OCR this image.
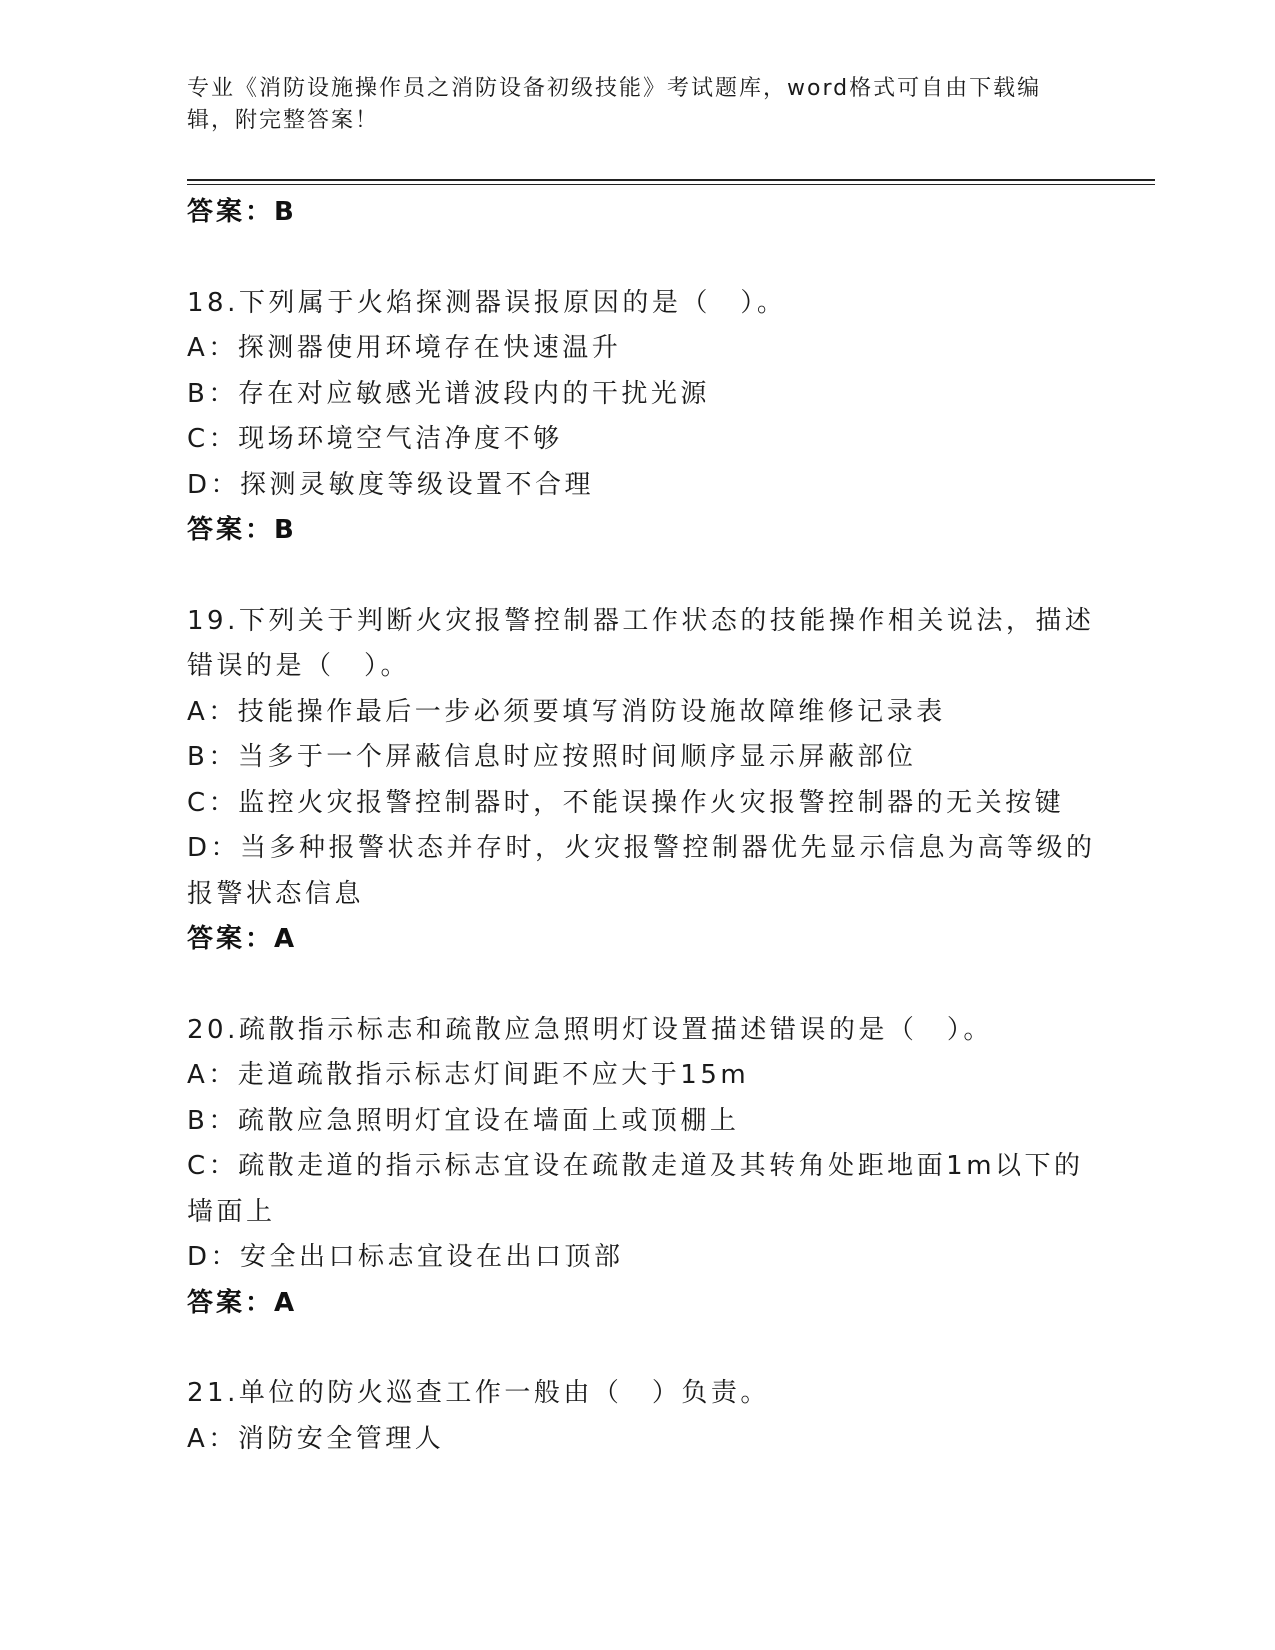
专业《消防设施操作员之消防设备初级技能》考试题库，word格式可自由下载编辑，附完整答案！
答案：B
18.下列属于火焰探测器误报原因的是（　）。
A：探测器使用环境存在快速温升
B：存在对应敏感光谱波段内的干扰光源
C：现场环境空气洁净度不够
D：探测灵敏度等级设置不合理
答案：B
19.下列关于判断火灾报警控制器工作状态的技能操作相关说法，描述
错误的是（　）。
A：技能操作最后一步必须要填写消防设施故障维修记录表
B：当多于一个屏蔽信息时应按照时间顺序显示屏蔽部位
C：监控火灾报警控制器时，不能误操作火灾报警控制器的无关按键
D：当多种报警状态并存时，火灾报警控制器优先显示信息为高等级的
报警状态信息
答案：A
20.疏散指示标志和疏散应急照明灯设置描述错误的是（　）。
A：走道疏散指示标志灯间距不应大于15m
B：疏散应急照明灯宜设在墙面上或顶棚上
C：疏散走道的指示标志宜设在疏散走道及其转角处距地面1m以下的
墙面上
D：安全出口标志宜设在出口顶部
答案：A
21.单位的防火巡查工作一般由（　）负责。
A：消防安全管理人
